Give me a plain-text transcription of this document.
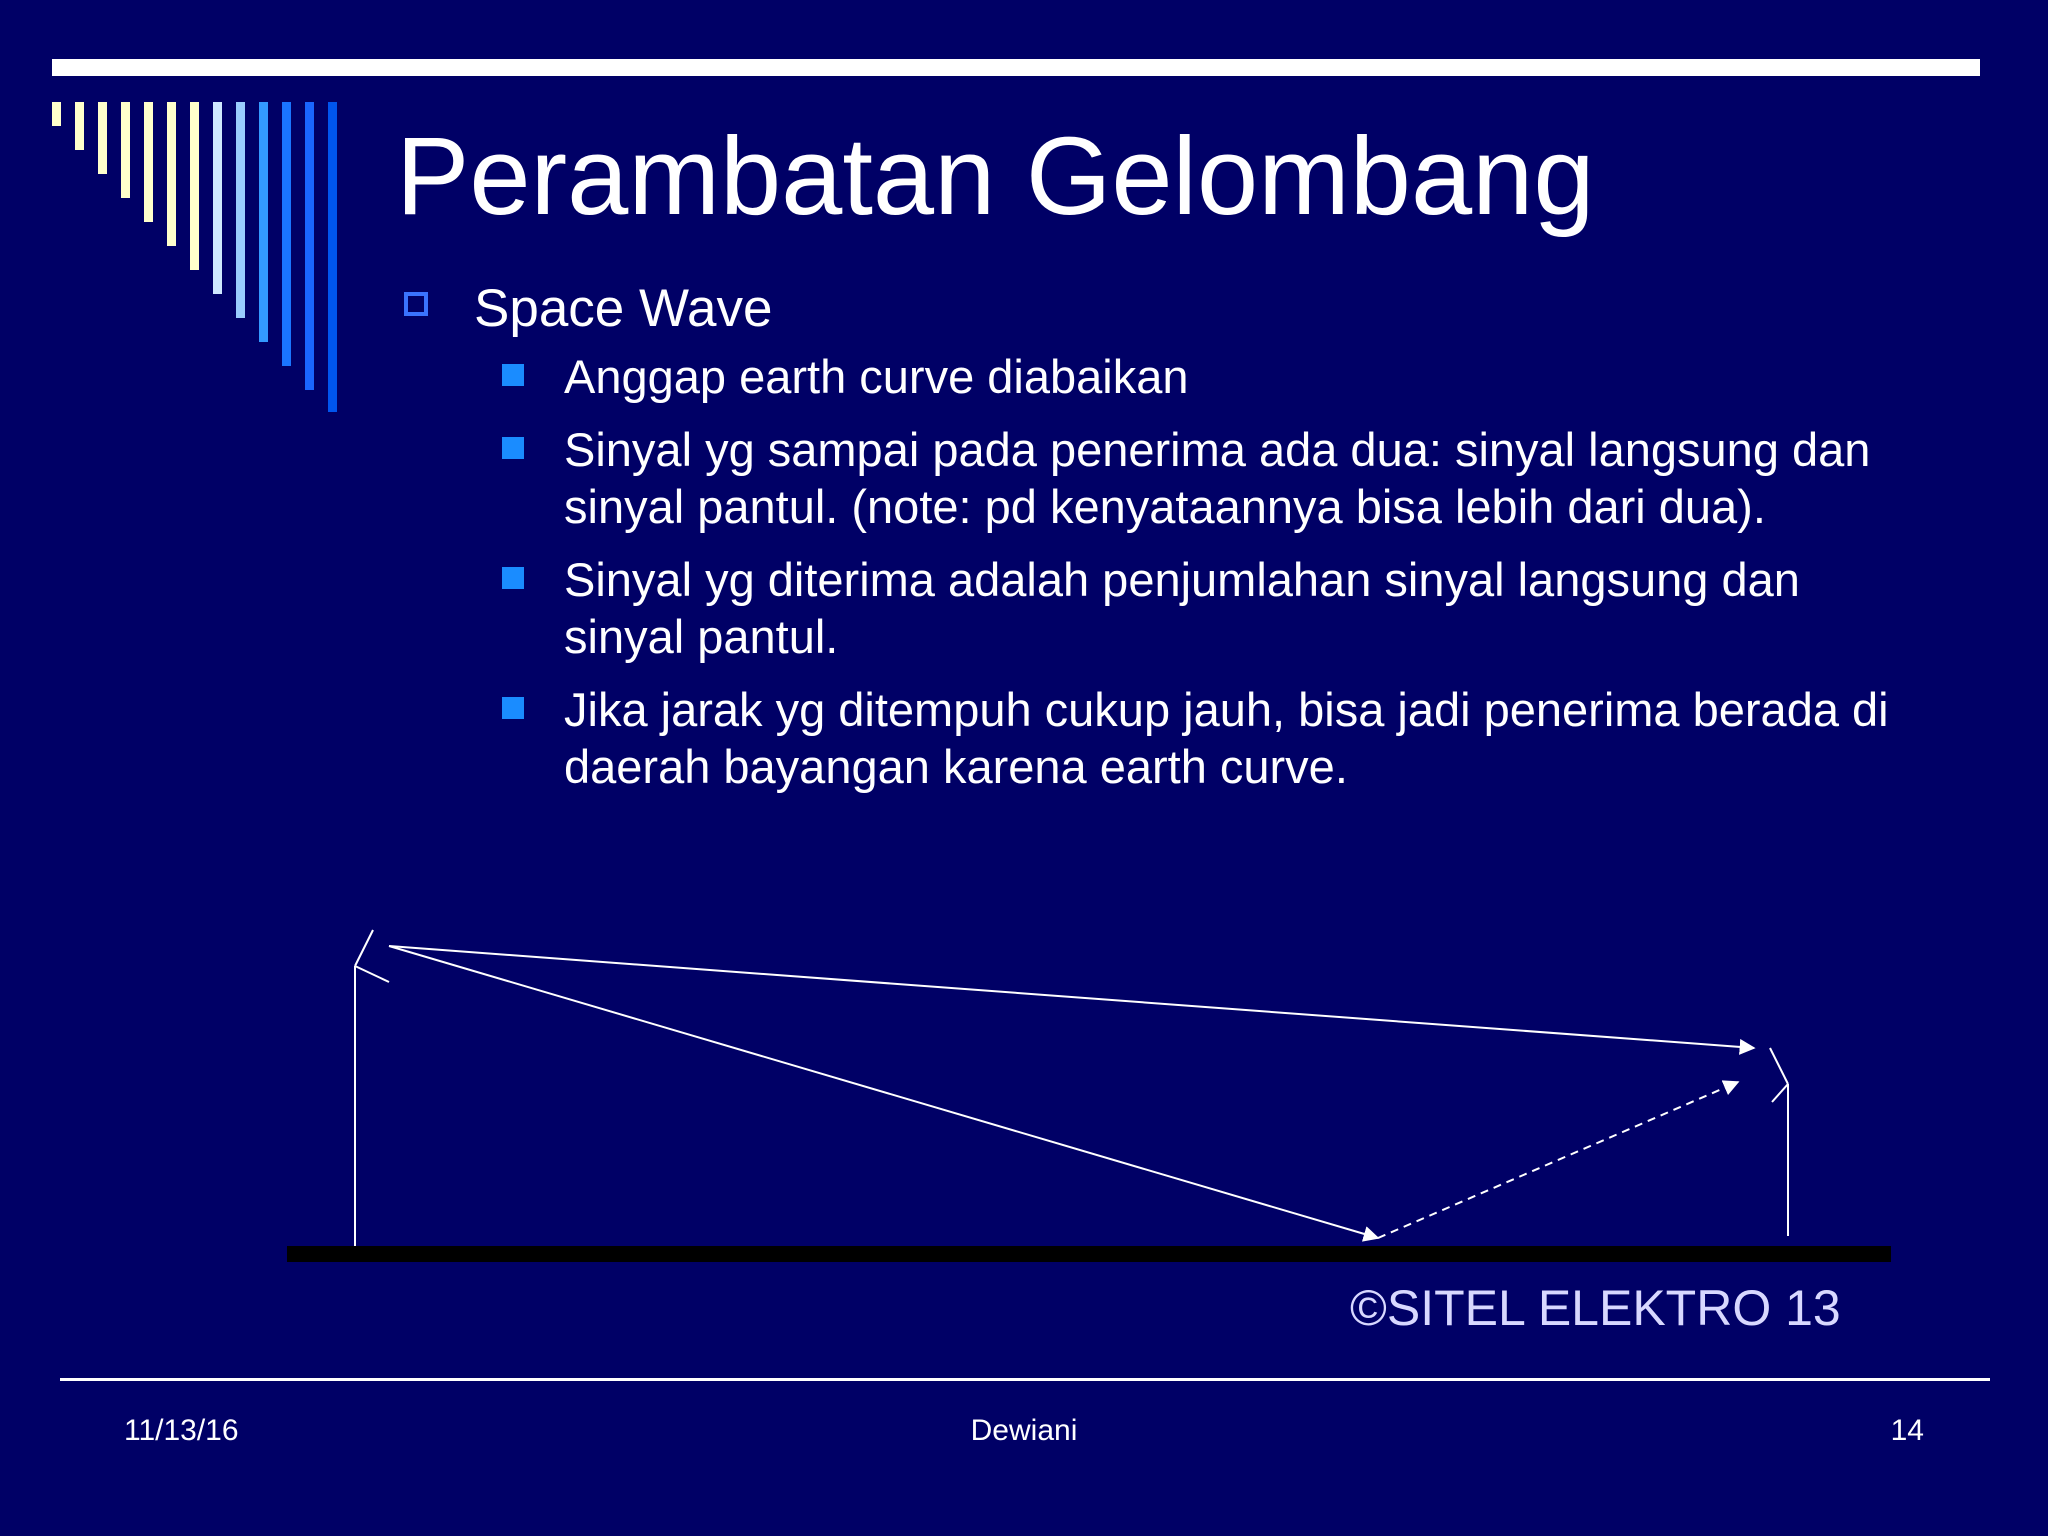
Perambatan Gelombang
Space Wave
Anggap earth curve diabaikan
Sinyal yg sampai pada penerima ada dua: sinyal langsung dan sinyal pantul. (note: pd kenyataannya bisa lebih dari dua).
Sinyal yg diterima adalah penjumlahan sinyal langsung dan sinyal pantul.
Jika jarak yg ditempuh cukup jauh, bisa jadi penerima berada di daerah bayangan karena earth curve.
©SITEL ELEKTRO 13
11/13/16	Dewiani	14
